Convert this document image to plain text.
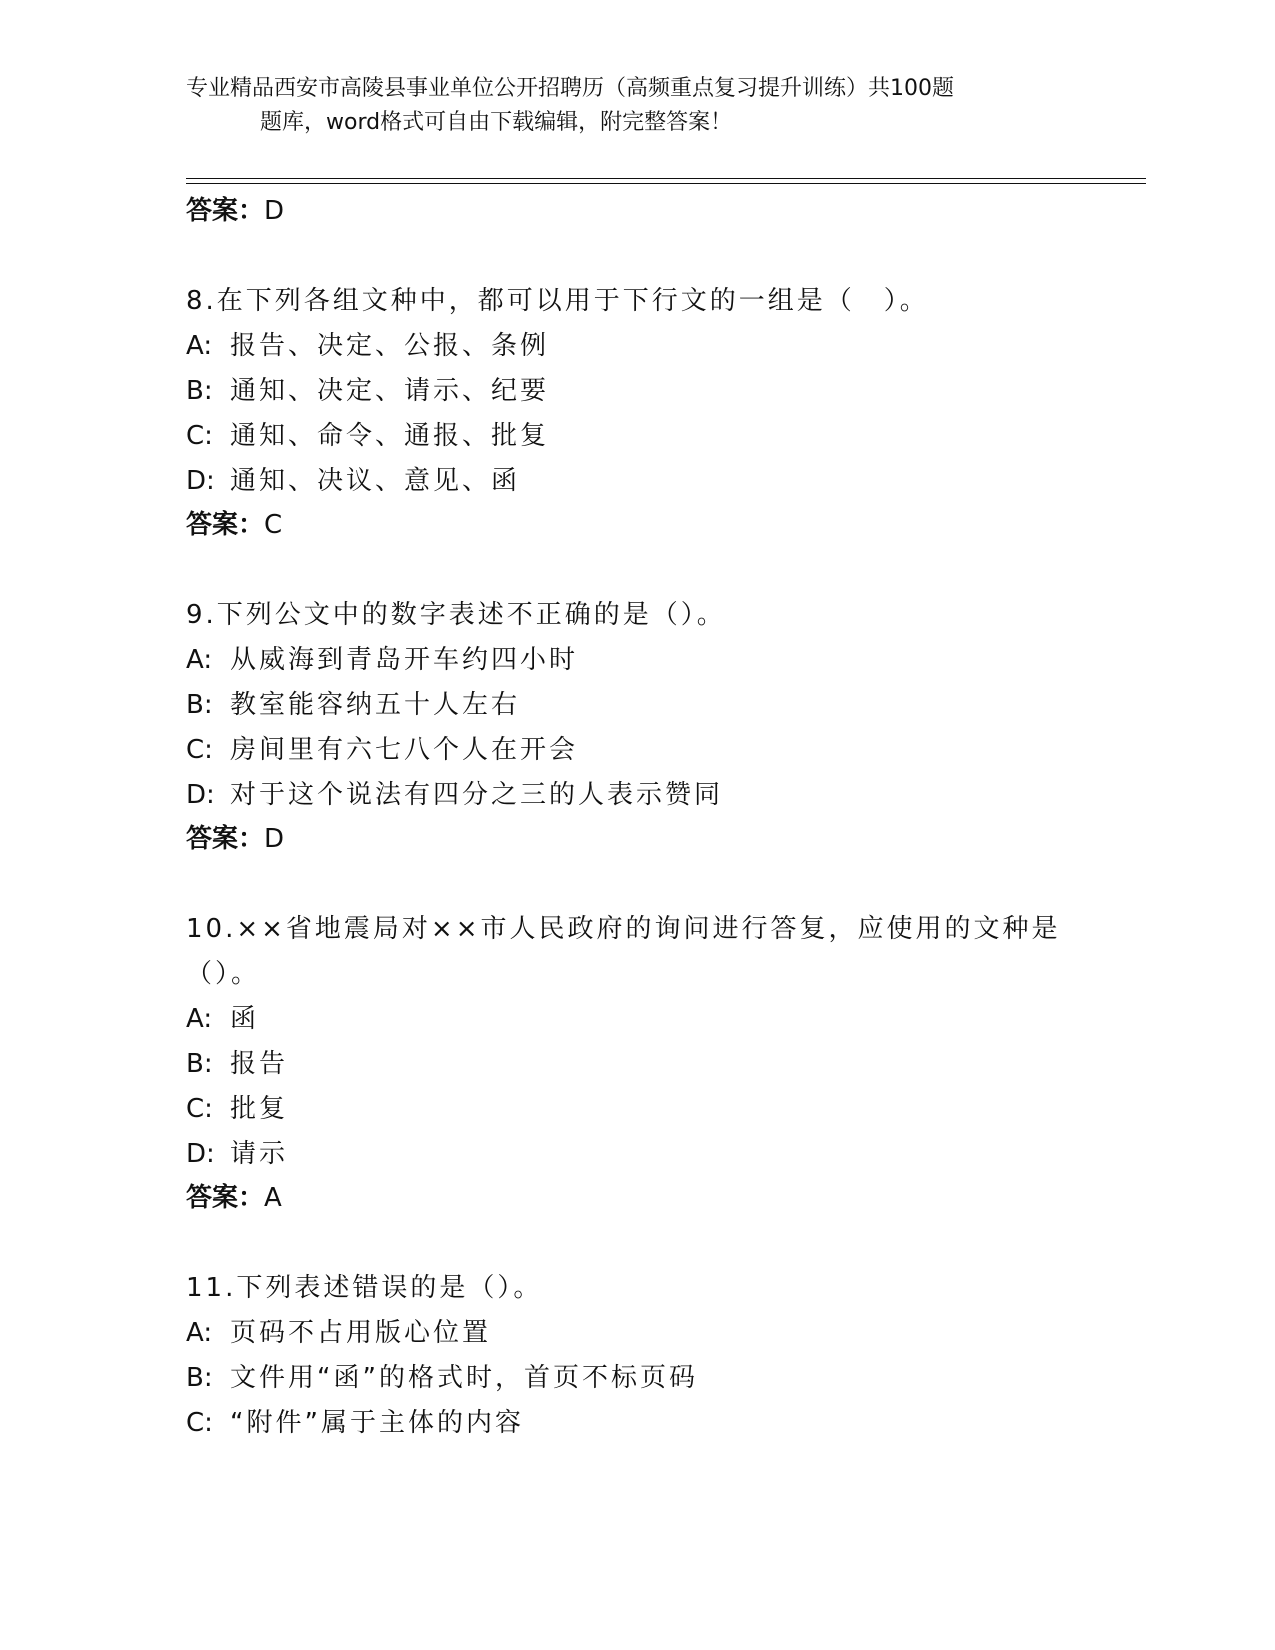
专业精品西安市高陵县事业单位公开招聘历（高频重点复习提升训练）共100题
题库，word格式可自由下载编辑，附完整答案！
答案：D
8.在下列各组文种中，都可以用于下行文的一组是（　）。
A: 报告、决定、公报、条例
B: 通知、决定、请示、纪要
C: 通知、命令、通报、批复
D: 通知、决议、意见、函
答案：C
9.下列公文中的数字表述不正确的是（）。
A: 从威海到青岛开车约四小时
B: 教室能容纳五十人左右
C: 房间里有六七八个人在开会
D: 对于这个说法有四分之三的人表示赞同
答案：D
10.××省地震局对××市人民政府的询问进行答复，应使用的文种是（）。
A: 函
B: 报告
C: 批复
D: 请示
答案：A
11.下列表述错误的是（）。
A: 页码不占用版心位置
B: 文件用“函”的格式时，首页不标页码
C: “附件”属于主体的内容
